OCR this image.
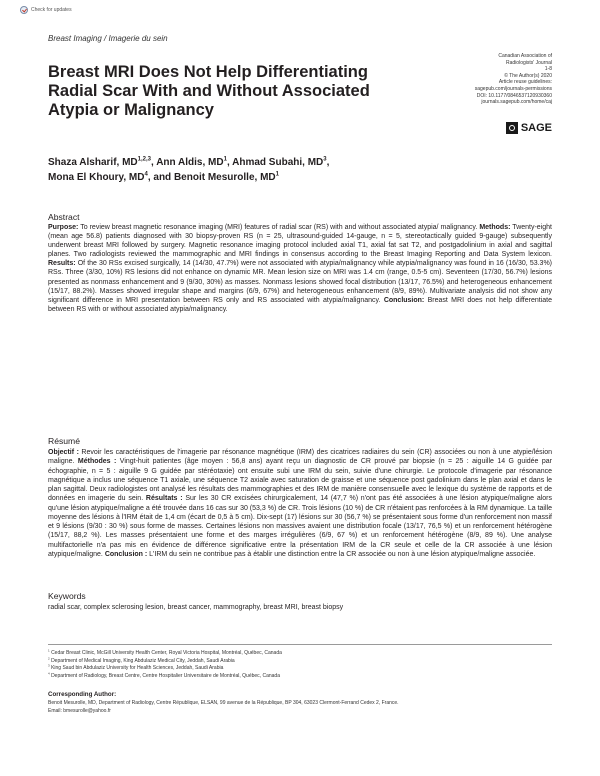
Check for updates
Breast Imaging / Imagerie du sein
Breast MRI Does Not Help Differentiating Radial Scar With and Without Associated Atypia or Malignancy
Canadian Association of
Radiologists' Journal
1-8
© The Author(s) 2020
Article reuse guidelines:
sagepub.com/journals-permissions
DOI: 10.1177/0846537120930360
journals.sagepub.com/home/caj
SAGE
Shaza Alsharif, MD$^{1,2,3}$, Ann Aldis, $MD^1$, Ahmad Subahi, $MD^3$,
Mona El Khoury, $MD^4$, and Benoit Mesurolle, $MD^1$
Abstract

Purpose: To review breast magnetic resonance imaging (MRI) features of radial scar (RS) with and without associated atypia/ malignancy. Methods: Twenty-eight (mean age 56.8) patients diagnosed with 30 biopsy-proven RS (n = 25, ultrasound-guided 14-gauge, n = 5, stereotactically guided 9-gauge) subsequently underwent breast MRI followed by surgery. Magnetic resonance imaging protocol included axial T1, axial fat sat T2, and postgadolinium in axial and sagittal planes. Two radiologists reviewed the mammographic and MRI findings in consensus according to the Breast Imaging Reporting and Data System lexicon. Results: Of the 30 RSs excised surgically, 14 (14/30, 47.7%) were not associated with atypia/malignancy while atypia/malignancy was found in 16 (16/30, 53.3%) RSs. Three (3/30, 10%) RS lesions did not enhance on dynamic MR. Mean lesion size on MRI was 1.4 cm (range, 0.5-5 cm). Seventeen (17/30, 56.7%) lesions presented as nonmass enhancement and 9 (9/30, 30%) as masses. Nonmass lesions showed focal distribution (13/17, 76.5%) and heterogeneous enhancement (15/17, 88.2%). Masses showed irregular shape and margins (6/9, 67%) and heterogeneous enhancement (8/9, 89%). Multivariate analysis did not show any significant difference in MRI presentation between RS only and RS associated with atypia/malignancy. Conclusion: Breast MRI does not help differentiate between RS with or without associated atypia/malignancy.

Résumé

Objectif : Revoir les caractéristiques de l'imagerie par résonance magnétique (IRM) des cicatrices radiaires du sein (CR) associées ou non à une atypie/lésion maligne. Méthodes : Vingt-huit patientes (âge moyen : 56,8 ans) ayant reçu un diagnostic de CR prouvé par biopsie (n = 25 : aiguille 14 G guidée par échographie, n = 5 : aiguille 9 G guidée par stéréotaxie) ont ensuite subi une IRM du sein, suivie d'une chirurgie. Le protocole d'imagerie par résonance magnétique a inclus une séquence T1 axiale, une séquence T2 axiale avec saturation de graisse et une séquence post gadolinium dans le plan axial et dans le plan sagittal. Deux radiologistes ont analysé les résultats des mammographies et des IRM de manière consensuelle avec le lexique du système de rapports et de données en imagerie du sein. Résultats : Sur les 30 CR excisées chirurgicalement, 14 (47,7 %) n'ont pas été associées à une lésion atypique/maligne alors qu'une lésion atypique/maligne a été trouvée dans 16 cas sur 30 (53,3 %) de CR. Trois lésions (10 %) de CR n'étaient pas renforcées à la RM dynamique. La taille moyenne des lésions à l'IRM était de 1,4 cm (écart de 0,5 à 5 cm). Dix-sept (17) lésions sur 30 (56,7 %) se présentaient sous forme d'un renforcement non massif et 9 lésions (9/30 : 30 %) sous forme de masses. Certaines lésions non massives avaient une distribution focale (13/17, 76,5 %) et un renforcement hétérogène (15/17, 88,2 %). Les masses présentaient une forme et des marges irrégulières (6/9, 67 %) et un renforcement hétérogène (8/9, 89 %). Une analyse multifactorielle n'a pas mis en évidence de différence significative entre la présentation IRM de la CR seule et celle de la CR associée à une lésion atypique/maligne. Conclusion : L'IRM du sein ne contribue pas à établir une distinction entre la CR associée ou non à une lésion atypique/maligne associée.

Keywords

radial scar, complex sclerosing lesion, breast cancer, mammography, breast MRI, breast biopsy

$^1$ Cedar Breast Clinic, McGill University Health Center, Royal Victoria Hospital, Montréal, Québec, Canada
$^2$ Department of Medical Imaging, King Abdulaziz Medical City, Jeddah, Saudi Arabia
$^3$ King Saud bin Abdulaziz University for Health Sciences, Jeddah, Saudi Arabia
$^4$ Department of Radiology, Breast Centre, Centre Hospitalier Universitaire de Montréal, Québec, Canada
Corresponding Author:
Benoit Mesurolle, MD, Department of Radiology, Centre République, ELSAN, 99 avenue de la République, BP 304, 63023 Clermont-Ferrand Cedex 2, France.
Email: bmesurolle@yahoo.fr
